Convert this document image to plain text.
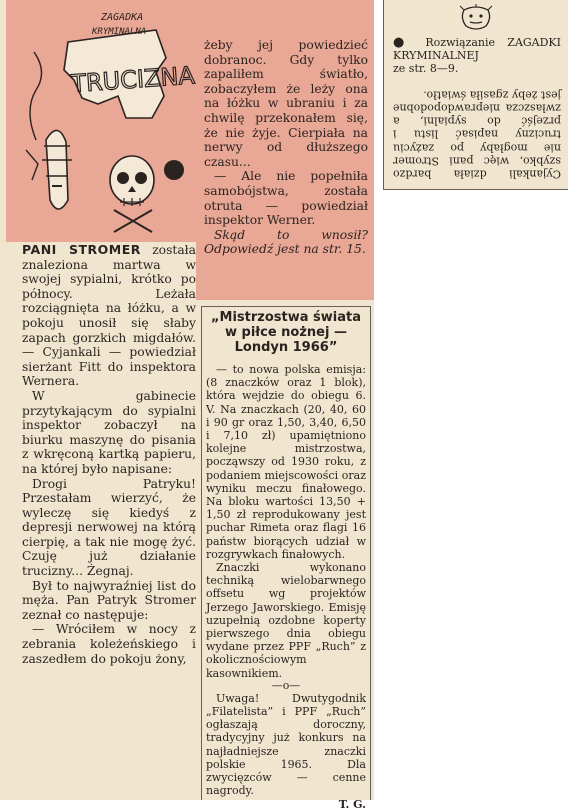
ZAGADKA
KRYMINALNA
TRUCIZNA

PANI STROMER została znaleziona martwa w swojej sypialni, krótko po północy. Leżała rozciągnięta na łóżku, a w pokoju unosił się słaby zapach gorzkich migdałów. — Cyjankali — powiedział sierżant Fitt do inspektora Wernera.

W gabinecie przytykającym do sypialni inspektor zobaczył na biurku maszynę do pisania z wkręconą kartką papieru, na której było napisane:

Drogi Patryku! Przestałam wierzyć, że wyleczę się kiedyś z depresji nerwowej na którą cierpię, a tak nie mogę żyć. Czuję już działanie trucizny... Żegnaj.

Był to najwyraźniej list do męża. Pan Patryk Stromer zeznał co następuje:

— Wróciłem w nocy z zebrania koleżeńskiego i zaszedłem do pokoju żony,

żeby jej powiedzieć dobranoc. Gdy tylko zapaliłem światło, zobaczyłem że leży ona na łóżku w ubraniu i za chwilę przekonałem się, że nie żyje. Cierpiała na nerwy od dłuższego czasu...

— Ale nie popełniła samobójstwa, została otruta — powiedział inspektor Werner.

Skąd to wnosił? Odpowiedź jest na str. 15.

„Mistrzostwa świata w piłce nożnej — Londyn 1966”

— to nowa polska emisja: (8 znaczków oraz 1 blok), która wejdzie do obiegu 6. V. Na znaczkach (20, 40, 60 i 90 gr oraz 1,50, 3,40, 6,50 i 7,10 zł) upamiętniono kolejne mistrzostwa, począwszy od 1930 roku, z podaniem miejscowości oraz wyniku meczu finałowego. Na bloku wartości 13,50 + 1,50 zł reprodukowany jest puchar Rimeta oraz flagi 16 państw biorących udział w rozgrywkach finałowych.

Znaczki wykonano techniką wielobarwnego offsetu wg projektów Jerzego Jaworskiego. Emisję uzupełnią ozdobne koperty pierwszego dnia obiegu wydane przez PPF „Ruch” z okolicznościowym kasownikiem.

—o—

Uwaga! Dwutygodnik „Filatelista” i PPF „Ruch” ogłaszają doroczny, tradycyjny już konkurs na najładniejsze znaczki polskie 1965. Dla zwycięzców — cenne nagrody.

T. G.

● Rozwiązanie ZAGADKI KRYMINALNEJ

ze str. 8—9.

Cyjankali działa bardzo szybko, więc pani Stromer nie mogłaby po zażyciu trucizny napisać listu i przejść do sypialni, a zwłaszcza nieprawdopodobne jest żeby zgasiła światło.
